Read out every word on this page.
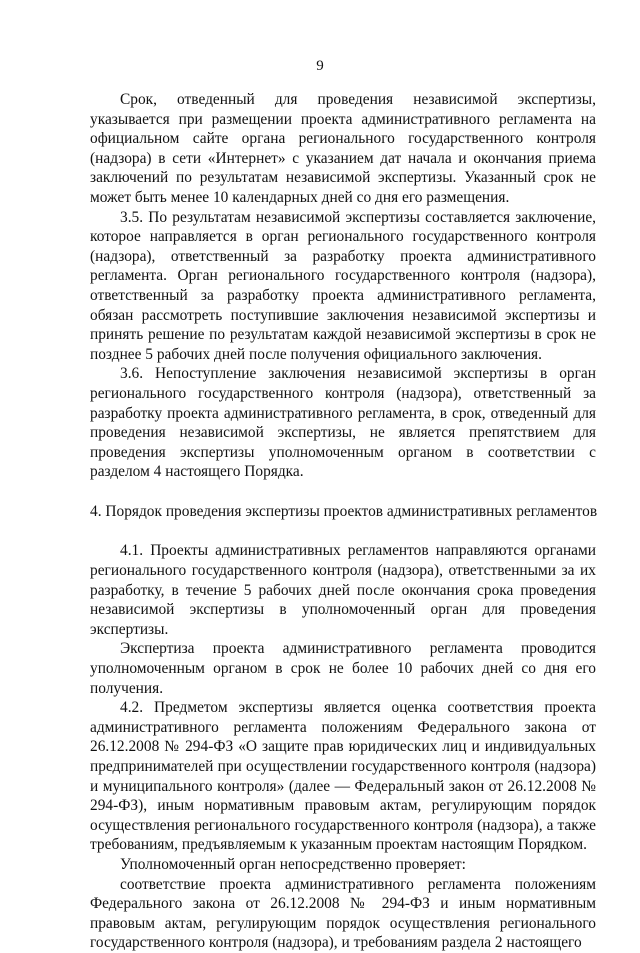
9

Срок, отведенный для проведения независимой экспертизы, указывается при размещении проекта административного регламента на официальном сайте органа регионального государственного контроля (надзора) в сети «Интернет» с указанием дат начала и окончания приема заключений по результатам независимой экспертизы. Указанный срок не может быть менее 10 календарных дней со дня его размещения.

3.5. По результатам независимой экспертизы составляется заключение, которое направляется в орган регионального государственного контроля (надзора), ответственный за разработку проекта административного регламента. Орган регионального государственного контроля (надзора), ответственный за разработку проекта административного регламента, обязан рассмотреть поступившие заключения независимой экспертизы и принять решение по результатам каждой независимой экспертизы в срок не позднее 5 рабочих дней после получения официального заключения.

3.6. Непоступление заключения независимой экспертизы в орган регионального государственного контроля (надзора), ответственный за разработку проекта административного регламента, в срок, отведенный для проведения независимой экспертизы, не является препятствием для проведения экспертизы уполномоченным органом в соответствии с разделом 4 настоящего Порядка.

4. Порядок проведения экспертизы проектов административных регламентов

4.1. Проекты административных регламентов направляются органами регионального государственного контроля (надзора), ответственными за их разработку, в течение 5 рабочих дней после окончания срока проведения независимой экспертизы в уполномоченный орган для проведения экспертизы.

Экспертиза проекта административного регламента проводится уполномоченным органом в срок не более 10 рабочих дней со дня его получения.

4.2. Предметом экспертизы является оценка соответствия проекта административного регламента положениям Федерального закона от 26.12.2008 № 294-ФЗ «О защите прав юридических лиц и индивидуальных предпринимателей при осуществлении государственного контроля (надзора) и муниципального контроля» (далее — Федеральный закон от 26.12.2008 № 294-ФЗ), иным нормативным правовым актам, регулирующим порядок осуществления регионального государственного контроля (надзора), а также требованиям, предъявляемым к указанным проектам настоящим Порядком.

Уполномоченный орган непосредственно проверяет:

соответствие проекта административного регламента положениям Федерального закона от 26.12.2008 № 294-ФЗ и иным нормативным правовым актам, регулирующим порядок осуществления регионального государственного контроля (надзора), и требованиям раздела 2 настоящего
